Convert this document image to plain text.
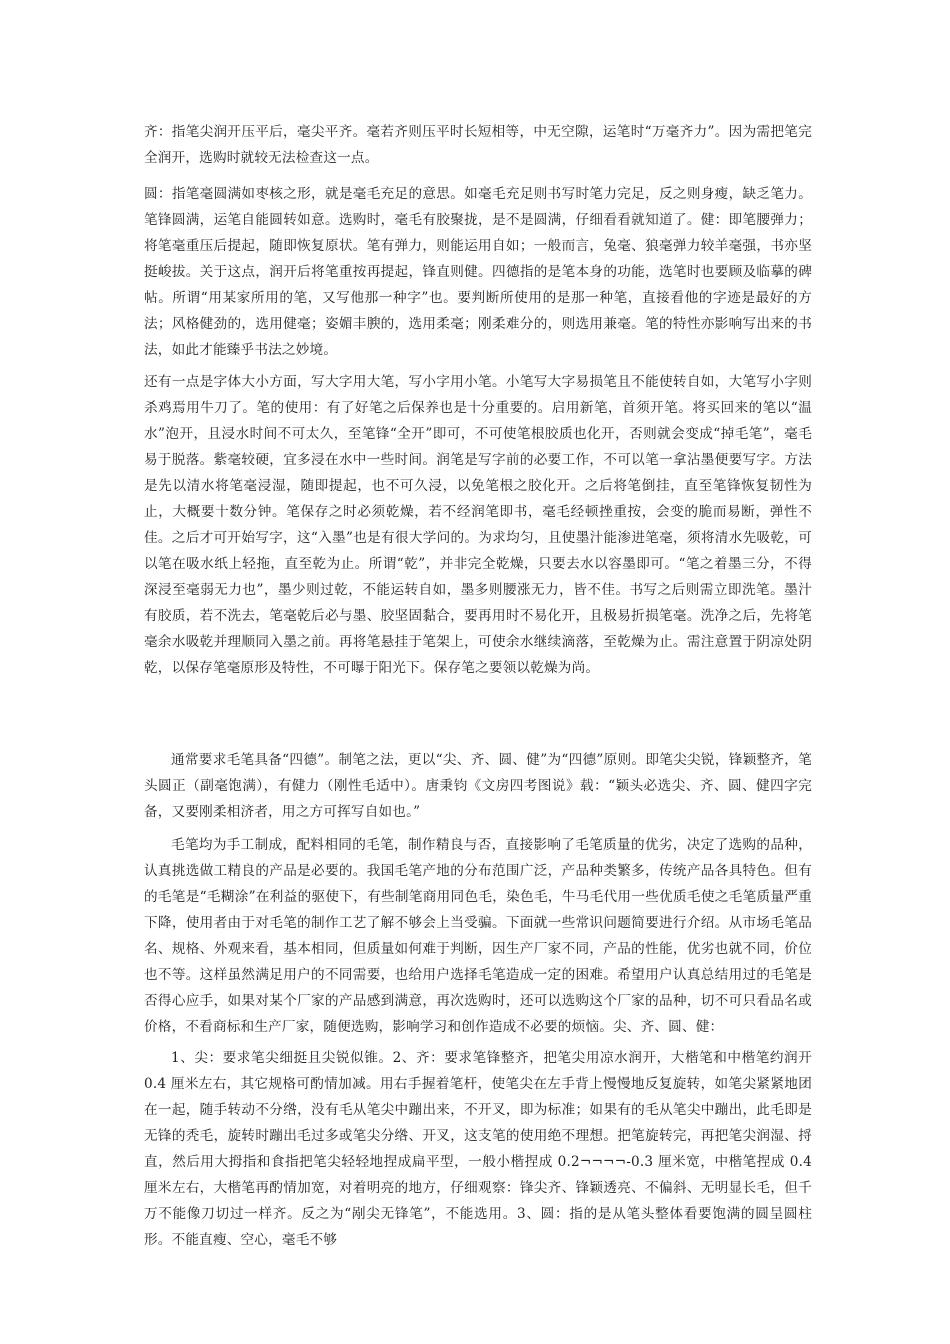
齐：指笔尖润开压平后，毫尖平齐。毫若齐则压平时长短相等，中无空隙，运笔时“万毫齐力”。因为需把笔完全润开，选购时就较无法检查这一点。

圆：指笔毫圆满如枣核之形，就是毫毛充足的意思。如毫毛充足则书写时笔力完足，反之则身瘦，缺乏笔力。笔锋圆满，运笔自能圆转如意。选购时，毫毛有胶聚拢，是不是圆满，仔细看看就知道了。健：即笔腰弹力；将笔毫重压后提起，随即恢复原状。笔有弹力，则能运用自如；一般而言，兔毫、狼毫弹力较羊毫强，书亦坚挺峻拔。关于这点，润开后将笔重按再提起，锋直则健。四德指的是笔本身的功能，选笔时也要顾及临摹的碑帖。所谓“用某家所用的笔，又写他那一种字”也。要判断所使用的是那一种笔，直接看他的字迹是最好的方法；风格健劲的，选用健毫；姿媚丰腴的，选用柔毫；刚柔难分的，则选用兼毫。笔的特性亦影响写出来的书法，如此才能臻乎书法之妙境。

还有一点是字体大小方面，写大字用大笔，写小字用小笔。小笔写大字易损笔且不能使转自如，大笔写小字则杀鸡焉用牛刀了。笔的使用：有了好笔之后保养也是十分重要的。启用新笔，首须开笔。将买回来的笔以“温水”泡开，且浸水时间不可太久，至笔锋“全开”即可，不可使笔根胶质也化开，否则就会变成“掉毛笔”，毫毛易于脱落。紫毫较硬，宜多浸在水中一些时间。润笔是写字前的必要工作，不可以笔一拿沾墨便要写字。方法是先以清水将笔毫浸湿，随即提起，也不可久浸，以免笔根之胶化开。之后将笔倒挂，直至笔锋恢复韧性为止，大概要十数分钟。笔保存之时必须乾燥，若不经润笔即书，毫毛经顿挫重按，会变的脆而易断，弹性不佳。之后才可开始写字，这“入墨”也是有很大学问的。为求均匀，且使墨汁能渗进笔毫，须将清水先吸乾，可以笔在吸水纸上轻拖，直至乾为止。所谓“乾”，并非完全乾燥，只要去水以容墨即可。“笔之着墨三分，不得深浸至毫弱无力也”，墨少则过乾，不能运转自如，墨多则腰涨无力，皆不佳。书写之后则需立即洗笔。墨汁有胶质，若不洗去，笔毫乾后必与墨、胶坚固黏合，要再用时不易化开，且极易折损笔毫。洗净之后，先将笔毫余水吸乾并理顺同入墨之前。再将笔悬挂于笔架上，可使余水继续滴落，至乾燥为止。需注意置于阴凉处阴乾，以保存笔毫原形及特性，不可曝于阳光下。保存笔之要领以乾燥为尚。

通常要求毛笔具备“四德”。制笔之法，更以“尖、齐、圆、健”为“四德”原则。即笔尖尖锐，锋颖整齐，笔头圆正（副毫饱满），有健力（刚性毛适中）。唐秉钧《文房四考图说》载：“颖头必选尖、齐、圆、健四字完备，又要刚柔相济者，用之方可挥写自如也。”

毛笔均为手工制成，配料相同的毛笔，制作精良与否，直接影响了毛笔质量的优劣，决定了选购的品种，认真挑选做工精良的产品是必要的。我国毛笔产地的分布范围广泛，产品种类繁多，传统产品各具特色。但有的毛笔是“毛糊涂”在利益的驱使下，有些制笔商用同色毛，染色毛，牛马毛代用一些优质毛使之毛笔质量严重下降，使用者由于对毛笔的制作工艺了解不够会上当受骗。下面就一些常识问题简要进行介绍。从市场毛笔品名、规格、外观来看，基本相同，但质量如何难于判断，因生产厂家不同，产品的性能，优劣也就不同，价位也不等。这样虽然满足用户的不同需要，也给用户选择毛笔造成一定的困难。希望用户认真总结用过的毛笔是否得心应手，如果对某个厂家的产品感到满意，再次选购时，还可以选购这个厂家的品种，切不可只看品名或价格，不看商标和生产厂家，随便选购，影响学习和创作造成不必要的烦恼。尖、齐、圆、健：

1、尖：要求笔尖细挺且尖锐似锥。2、齐：要求笔锋整齐，把笔尖用凉水润开，大楷笔和中楷笔约润开 0.4 厘米左右，其它规格可酌情加减。用右手握着笔杆，使笔尖在左手背上慢慢地反复旋转，如笔尖紧紧地团在一起，随手转动不分绺，没有毛从笔尖中蹦出来，不开叉，即为标准；如果有的毛从笔尖中蹦出，此毛即是无锋的秃毛，旋转时蹦出毛过多或笔尖分绺、开叉，这支笔的使用绝不理想。把笔旋转完，再把笔尖润湿、捋直，然后用大拇指和食指把笔尖轻轻地捏成扁平型，一般小楷捏成 0.2¬¬¬¬-0.3 厘米宽，中楷笔捏成 0.4 厘米左右，大楷笔再酌情加宽，对着明亮的地方，仔细观察：锋尖齐、锋颖透亮、不偏斜、无明显长毛，但千万不能像刀切过一样齐。反之为“剐尖无锋笔”，不能选用。3、圆：指的是从笔头整体看要饱满的圆呈圆柱形。不能直瘦、空心，毫毛不够
